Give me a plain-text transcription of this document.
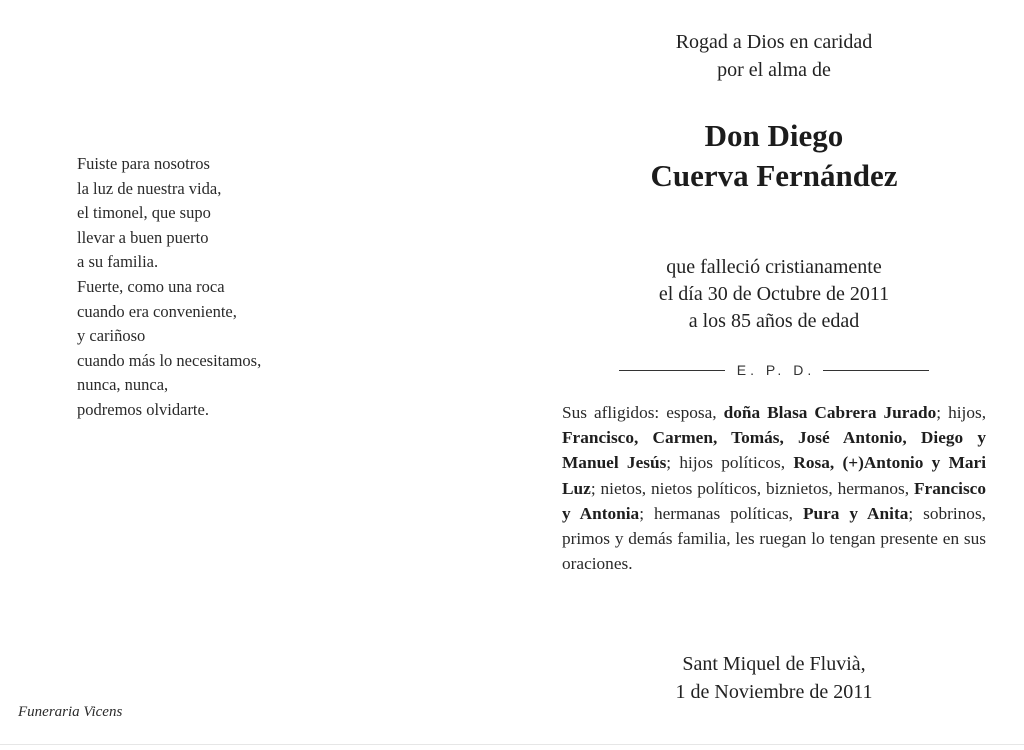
Fuiste para nosotros
la luz de nuestra vida,
el timonel, que supo
llevar a buen puerto
a su familia.
Fuerte, como una roca
cuando era conveniente,
y cariñoso
cuando más lo necesitamos,
nunca, nunca,
podremos olvidarte.
Funeraria Vicens
Rogad a Dios en caridad
por el alma de
Don Diego
Cuerva Fernández
que falleció cristianamente
el día 30 de Octubre de 2011
a los 85 años de edad
E. P. D.
Sus afligidos: esposa, doña Blasa Cabrera Jurado; hijos, Francisco, Carmen, Tomás, José Antonio, Diego y Manuel Jesús; hijos políticos, Rosa, (+)Antonio y Mari Luz; nietos, nietos políticos, biznietos, hermanos, Francisco y Antonia; hermanas políticas, Pura y Anita; sobrinos, primos y demás familia, les ruegan lo tengan presente en sus oraciones.
Sant Miquel de Fluvià,
1 de Noviembre de 2011
